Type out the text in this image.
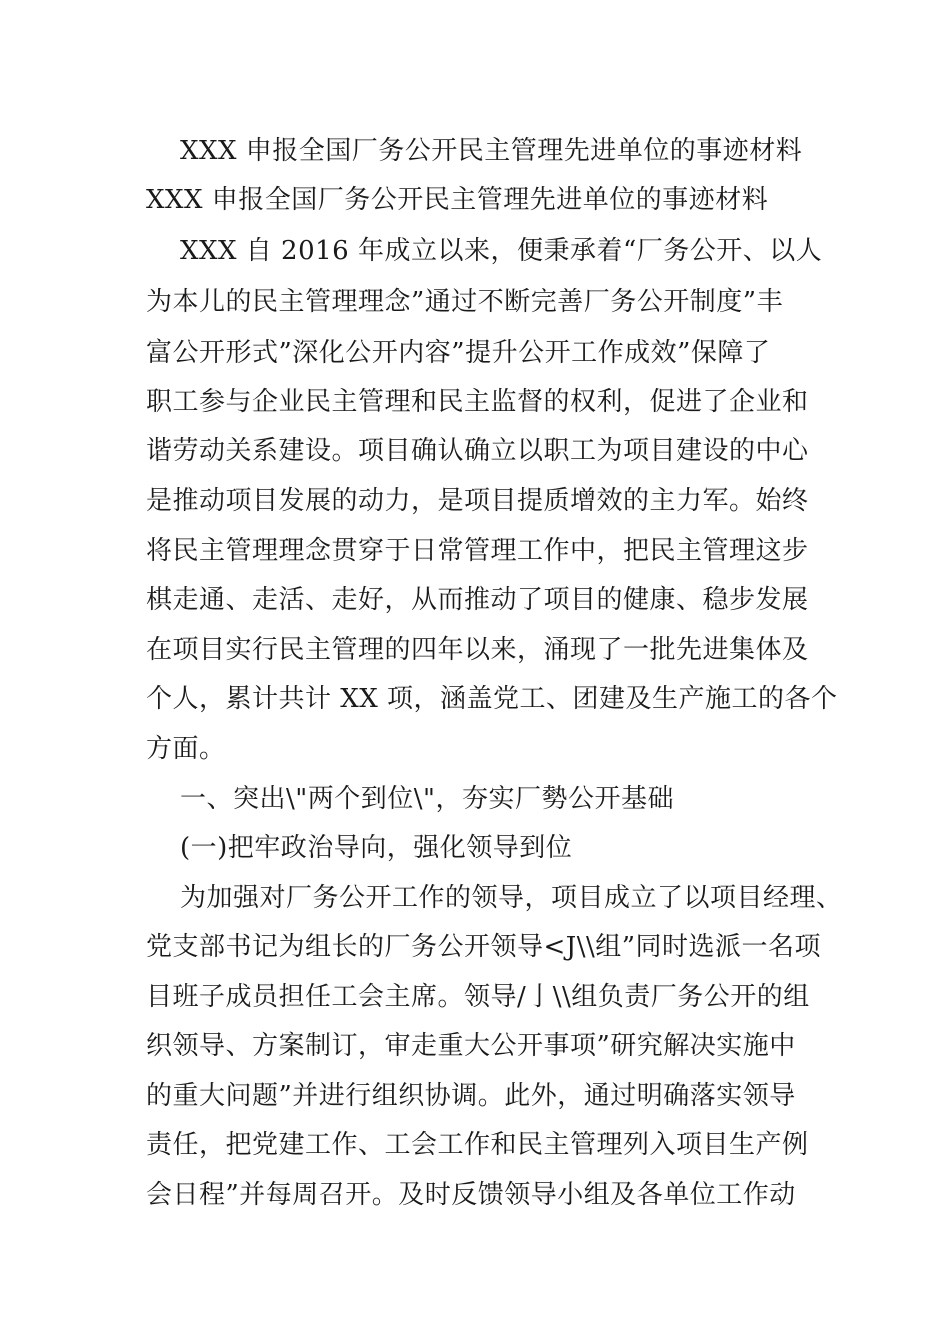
XXX 申报全国厂务公开民主管理先进单位的事迹材料
XXX 申报全国厂务公开民主管理先进单位的事迹材料
XXX 自 2016 年成立以来，便秉承着“厂务公开、以人
为本儿的民主管理理念”通过不断完善厂务公开制度”丰
富公开形式”深化公开内容”提升公开工作成效”保障了
职工参与企业民主管理和民主监督的权利，促进了企业和
谐劳动关系建设。项目确认确立以职工为项目建设的中心
是推动项目发展的动力，是项目提质增效的主力军。始终
将民主管理理念贯穿于日常管理工作中，把民主管理这步
棋走通、走活、走好，从而推动了项目的健康、稳步发展
在项目实行民主管理的四年以来，涌现了一批先进集体及
个人，累计共计 XX 项，涵盖党工、团建及生产施工的各个
方面。
一、突出\"两个到位\"，夯实厂勢公开基础
(一)把牢政治导向，强化领导到位
为加强对厂务公开工作的领导，项目成立了以项目经理、
党支部书记为组长的厂务公开领导<J\\组”同时选派一名项
目班子成员担任工会主席。领导/亅\\组负责厂务公开的组
织领导、方案制订，审走重大公开事项”研究解决实施中
的重大问题”并进行组织协调。此外，通过明确落实领导
责任，把党建工作、工会工作和民主管理列入项目生产例
会日程”并每周召开。及时反馈领导小组及各单位工作动
